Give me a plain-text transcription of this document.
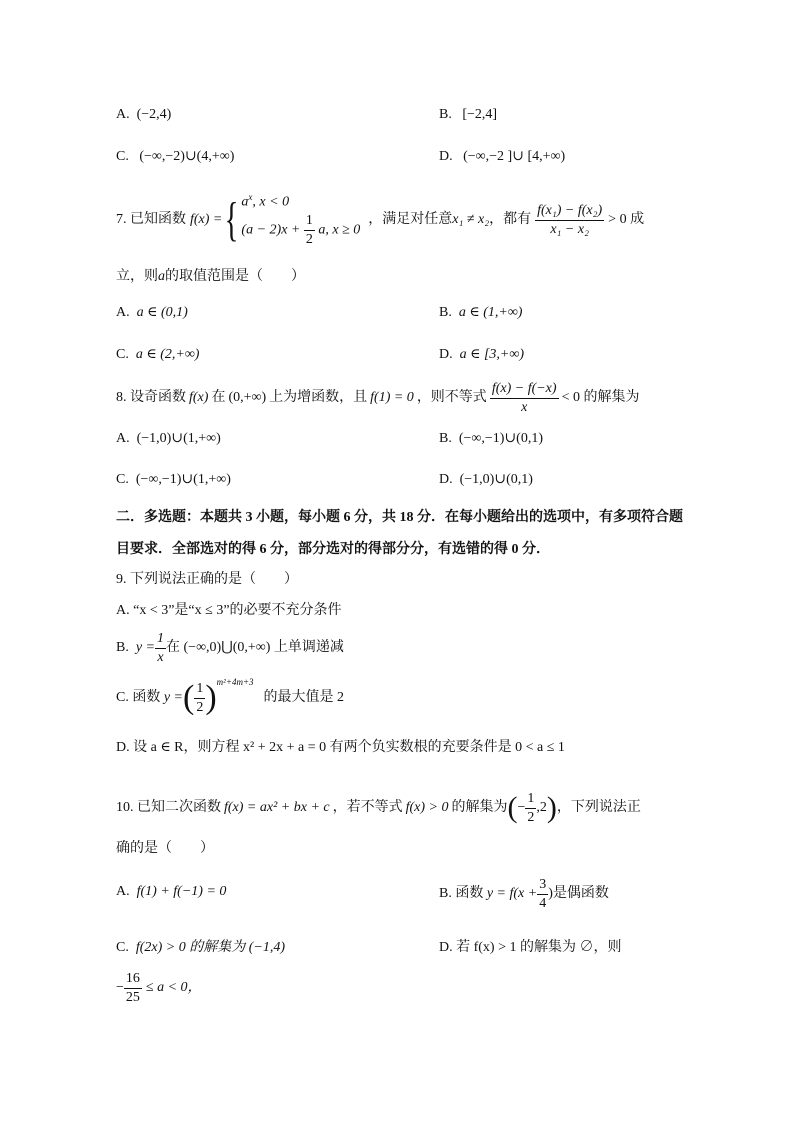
A. (−2,4)	B. [−2,4]
C. (−∞,−2)∪(4,+∞)	D. (−∞,−2 ]∪ [4,+∞)
7. 已知函数 f(x) = { $a^x$, x < 0
$(a - 2)x + \frac{1}{2} a$, x ≥ 0
，满足对任意 x₁ ≠ x₂ ，都有 $\frac{\text{f(x₁) − f(x₂)}}{\text{x₁ − x₂}} > 0$ 成
立，则a的取值范围是（　　）
A. a ∈ (0,1)	B. a ∈ (1,+∞)
C. a ∈ (2,+∞)	D. a ∈ [3,+∞)
8. 设奇函数 f(x) 在 (0,+∞) 上为增函数，且 f(1) = 0 ，则不等式 $\frac{f(x) - f(-x)}{x} < 0$ 的解集为
A. (−1,0)∪(1,+∞)	B. (−∞,−1)∪(0,1)
C. (−∞,−1)∪(1,+∞)	D. (−1,0)∪(0,1)
二．多选题：本题共 3 小题，每小题 6 分，共 18 分．在每小题给出的选项中，有多项符合题
目要求．全部选对的得 6 分，部分选对的得部分分，有选错的得 0 分．
9. 下列说法正确的是（　　）
A. “x < 3”是“x ≤ 3”的必要不充分条件
B.
$y = \frac{1}{x}$ 在 (−∞,0)⋃(0,+∞) 上单调递减
C. 函数
y = ( $\frac{1}{2} )^{m^2+4m+3}$
的最大值是 2
D. 设 a ∈ R，则方程 x² + 2x + a = 0 有两个负实数根的充要条件是 0 < a ≤ 1
10. 已知二次函数 f(x) = ax² + bx + c ，若不等式 f(x) > 0 的解集为 ( − $\frac{1}{2} ,2$ ) ，下列说法正
确的是（　　）
A. f(1) + f(−1) = 0	B. 函数
$y = f(x + \frac{3}{4}$ ) 是偶函数
C. f(2x) > 0 的解集为 (−1,4)	D. 若 f(x) > 1 的解集为 ∅，则
− $\frac{16}{25} \le a < 0$，
